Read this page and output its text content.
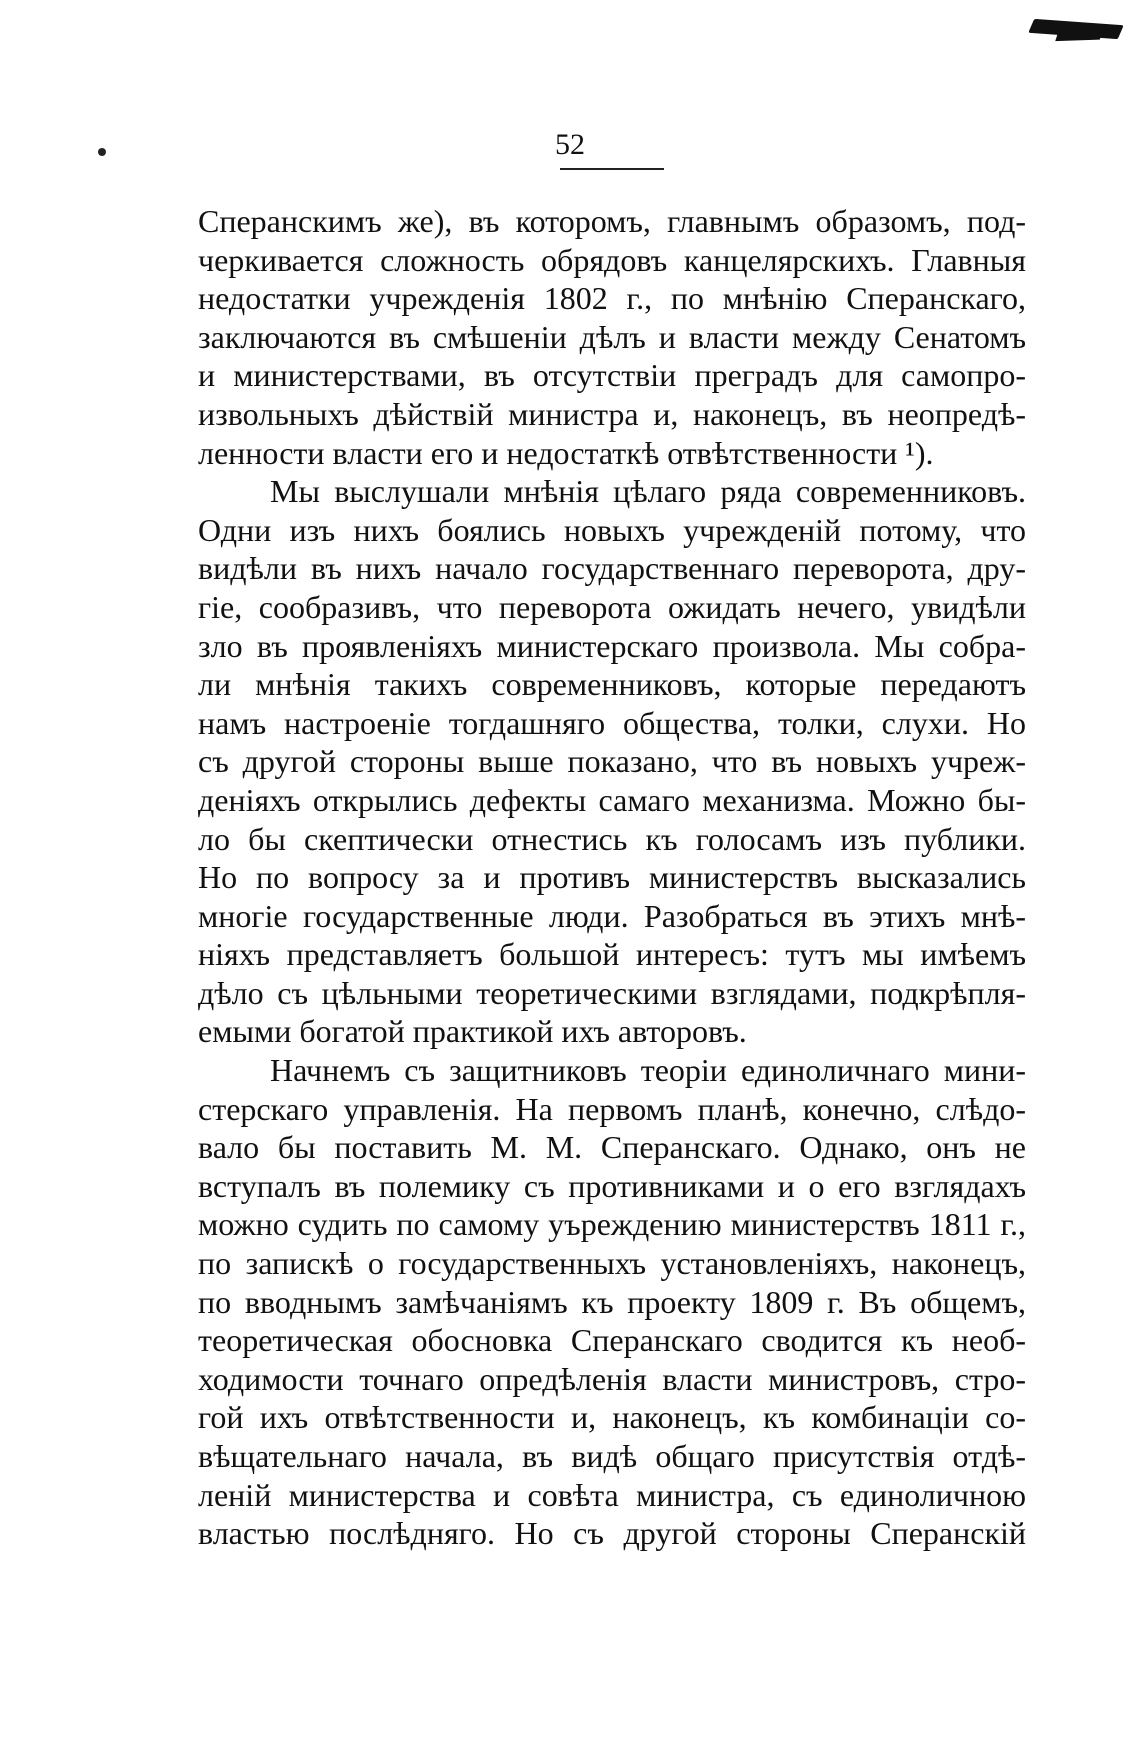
52
Сперанскимъ же), въ которомъ, главнымъ образомъ, под-
черкивается сложность обрядовъ канцелярскихъ. Главныя
недостатки учрежденія 1802 г., по мнѣнію Сперанскаго,
заключаются въ смѣшеніи дѣлъ и власти между Сенатомъ
и министерствами, въ отсутствіи преградъ для самопро-
извольныхъ дѣйствій министра и, наконецъ, въ неопредѣ-
ленности власти его и недостаткѣ отвѣтственности ¹).
Мы выслушали мнѣнія цѣлаго ряда современниковъ.
Одни изъ нихъ боялись новыхъ учрежденій потому, что
видѣли въ нихъ начало государственнаго переворота, дру-
гіе, сообразивъ, что переворота ожидать нечего, увидѣли
зло въ проявленіяхъ министерскаго произвола. Мы собра-
ли мнѣнія такихъ современниковъ, которые передаютъ
намъ настроеніе тогдашняго общества, толки, слухи. Но
съ другой стороны выше показано, что въ новыхъ учреж-
деніяхъ открылись дефекты самаго механизма. Можно бы-
ло бы скептически отнестись къ голосамъ изъ публики.
Но по вопросу за и противъ министерствъ высказались
многіе государственные люди. Разобраться въ этихъ мнѣ-
ніяхъ представляетъ большой интересъ: тутъ мы имѣемъ
дѣло съ цѣльными теоретическими взглядами, подкрѣпля-
емыми богатой практикой ихъ авторовъ.
Начнемъ съ защитниковъ теоріи единоличнаго мини-
стерскаго управленія. На первомъ планѣ, конечно, слѣдо-
вало бы поставить М. М. Сперанскаго. Однако, онъ не
вступалъ въ полемику съ противниками и о его взглядахъ
можно судить по самому уъреждению министерствъ 1811 г.,
по запискѣ о государственныхъ установленіяхъ, наконецъ,
по вводнымъ замѣчаніямъ къ проекту 1809 г. Въ общемъ,
теоретическая обосновка Сперанскаго сводится къ необ-
ходимости точнаго опредѣленія власти министровъ, стро-
гой ихъ отвѣтственности и, наконецъ, къ комбинаціи со-
вѣщательнаго начала, въ видѣ общаго присутствія отдѣ-
леній министерства и совѣта министра, съ единоличною
властью послѣдняго. Но съ другой стороны Сперанскій
